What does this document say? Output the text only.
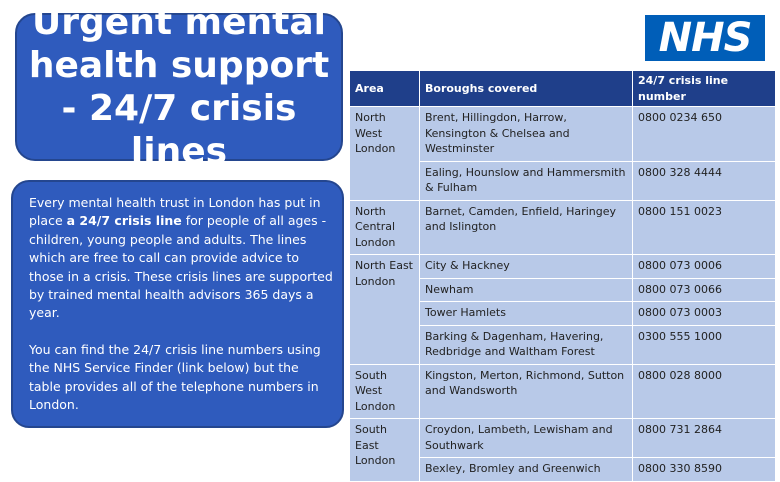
Urgent mental health support - 24/7 crisis lines

Every mental health trust in London has put in place a 24/7 crisis line for people of all ages - children, young people and adults. The lines which are free to call can provide advice to those in a crisis. These crisis lines are supported by trained mental health advisors 365 days a year.

You can find the 24/7 crisis line numbers using the NHS Service Finder (link below) but the table provides all of the telephone numbers in London.

https://www.nhs.uk/service-search/mental-health/find-an-urgent-mental-health-helpline

NHS
Area	Boroughs covered	24/7 crisis line number
North West London	Brent, Hillingdon, Harrow, Kensington & Chelsea and Westminster	0800 0234 650
	Ealing, Hounslow and Hammersmith & Fulham	0800 328 4444
North Central London	Barnet, Camden, Enfield, Haringey and Islington	0800 151 0023
North East London	City & Hackney	0800 073 0006
	Newham	0800 073 0066
	Tower Hamlets	0800 073 0003
	Barking & Dagenham, Havering, Redbridge and Waltham Forest	0300 555 1000
South West London	Kingston, Merton, Richmond, Sutton and Wandsworth	0800 028 8000
South East London	Croydon, Lambeth, Lewisham and Southwark	0800 731 2864
	Bexley, Bromley and Greenwich	0800 330 8590
